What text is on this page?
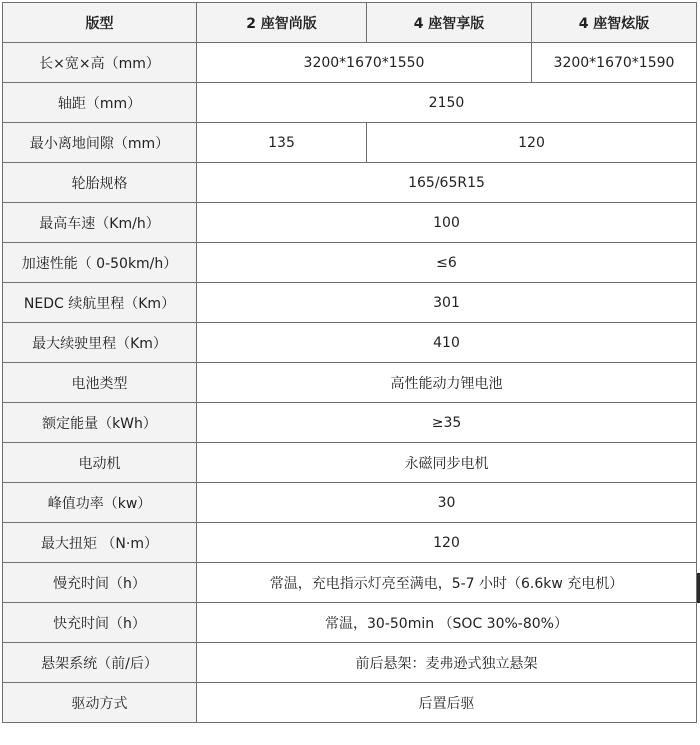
版型	2 座智尚版	4 座智享版	4 座智炫版
长×宽×高（mm）	3200*1670*1550		3200*1670*1590
轴距（mm）	2150		
最小离地间隙（mm）	135	120	
轮胎规格	165/65R15		
最高车速（Km/h）	100		
加速性能（ 0-50km/h）	≤6		
NEDC 续航里程（Km）	301		
最大续驶里程（Km）	410		
电池类型	高性能动力锂电池		
额定能量（kWh）	≥35		
电动机	永磁同步电机		
峰值功率（kw）	30		
最大扭矩 （N·m）	120		
慢充时间（h）	常温，充电指示灯亮至满电，5-7 小时（6.6kw 充电机）		
快充时间（h）	常温，30-50min （SOC 30%-80%）		
悬架系统（前/后）	前后悬架：麦弗逊式独立悬架		
驱动方式	后置后驱		
